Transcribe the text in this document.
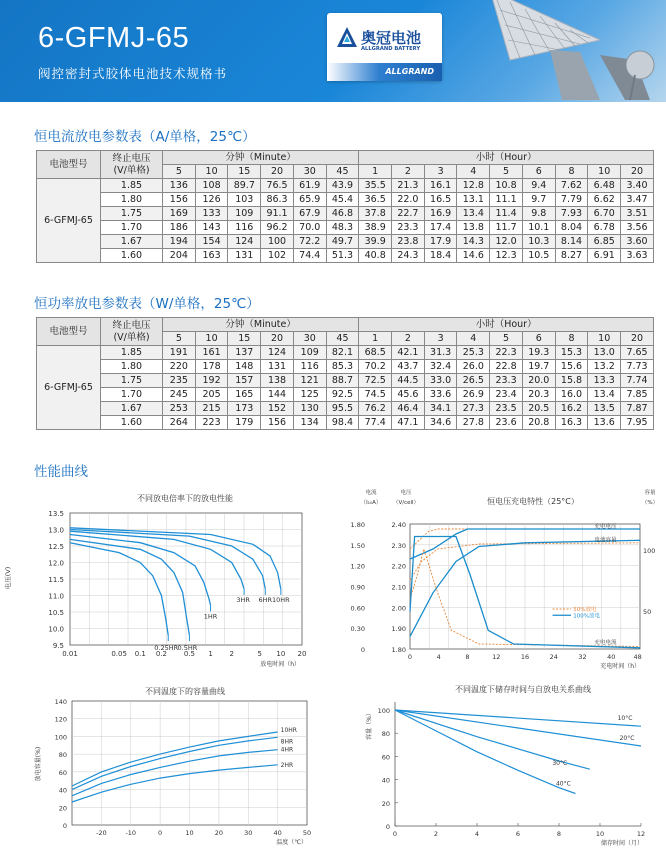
6-GFMJ-65
阀控密封式胶体电池技术规格书
奥冠电池
ALLGRAND BATTERY
ALLGRAND
恒电流放电参数表（A/单格，25℃）
电池型号	终止电压
(V/单格)	分钟（Minute）						小时（Hour）								
		5	10	15	20	30	45	1	2	3	4	5	6	8	10	20
6-GFMJ-65	1.85	136	108	89.7	76.5	61.9	43.9	35.5	21.3	16.1	12.8	10.8	9.4	7.62	6.48	3.40
	1.80	156	126	103	86.3	65.9	45.4	36.5	22.0	16.5	13.1	11.1	9.7	7.79	6.62	3.47
	1.75	169	133	109	91.1	67.9	46.8	37.8	22.7	16.9	13.4	11.4	9.8	7.93	6.70	3.51
	1.70	186	143	116	96.2	70.0	48.3	38.9	23.3	17.4	13.8	11.7	10.1	8.04	6.78	3.56
	1.67	194	154	124	100	72.2	49.7	39.9	23.8	17.9	14.3	12.0	10.3	8.14	6.85	3.60
	1.60	204	163	131	102	74.4	51.3	40.8	24.3	18.4	14.6	12.3	10.5	8.27	6.91	3.63
恒功率放电参数表（W/单格，25℃）
电池型号	终止电压
(V/单格)	分钟（Minute）						小时（Hour）								
		5	10	15	20	30	45	1	2	3	4	5	6	8	10	20
6-GFMJ-65	1.85	191	161	137	124	109	82.1	68.5	42.1	31.3	25.3	22.3	19.3	15.3	13.0	7.65
	1.80	220	178	148	131	116	85.3	70.2	43.7	32.4	26.0	22.8	19.7	15.6	13.2	7.73
	1.75	235	192	157	138	121	88.7	72.5	44.5	33.0	26.5	23.3	20.0	15.8	13.3	7.74
	1.70	245	205	165	144	125	92.5	74.5	45.6	33.6	26.9	23.4	20.3	16.0	13.4	7.85
	1.67	253	215	173	152	130	95.5	76.2	46.4	34.1	27.3	23.5	20.5	16.2	13.5	7.87
	1.60	264	223	179	156	134	98.4	77.4	47.1	34.6	27.8	23.6	20.8	16.3	13.6	7.95
性能曲线
不同放电倍率下的放电性能
13.5
13.0
12.5
12.0
11.5
11.0
10.5
10.0
9.5
0.01	0.05 0.1 0.2 0.5 1 2	5 10 20
电压(V)
放电时间（h）
0.25HR 0.5HR
1HR
3HR 6HR 10HR
恒电压充电特性（25°C）
电流
（I₁₀A）
电压
（V/cell）
容量
（%）
1.80
1.50
1.20
0.90
0.60
0.30
0
2.40
2.30
2.20
2.10
2.00
1.90
1.80
100
50
0	4	8	12	16	24	32	40	48
充电时间（h）
充电电压
电池容量
充电电流
50%放电
100%放电
不同温度下的容量曲线
140
120
100
80
60
40
20
0
-20	-10	0	10	20	30	40	50
放电容量(%)
温度（℃）
10HR
8HR
4HR
2HR
不同温度下储存时间与自放电关系曲线
100
80
60
40
20
0
0	2	4	6	8	10	12
容量（%）
储存时间（月）
10°C
20°C
30°C
40°C
